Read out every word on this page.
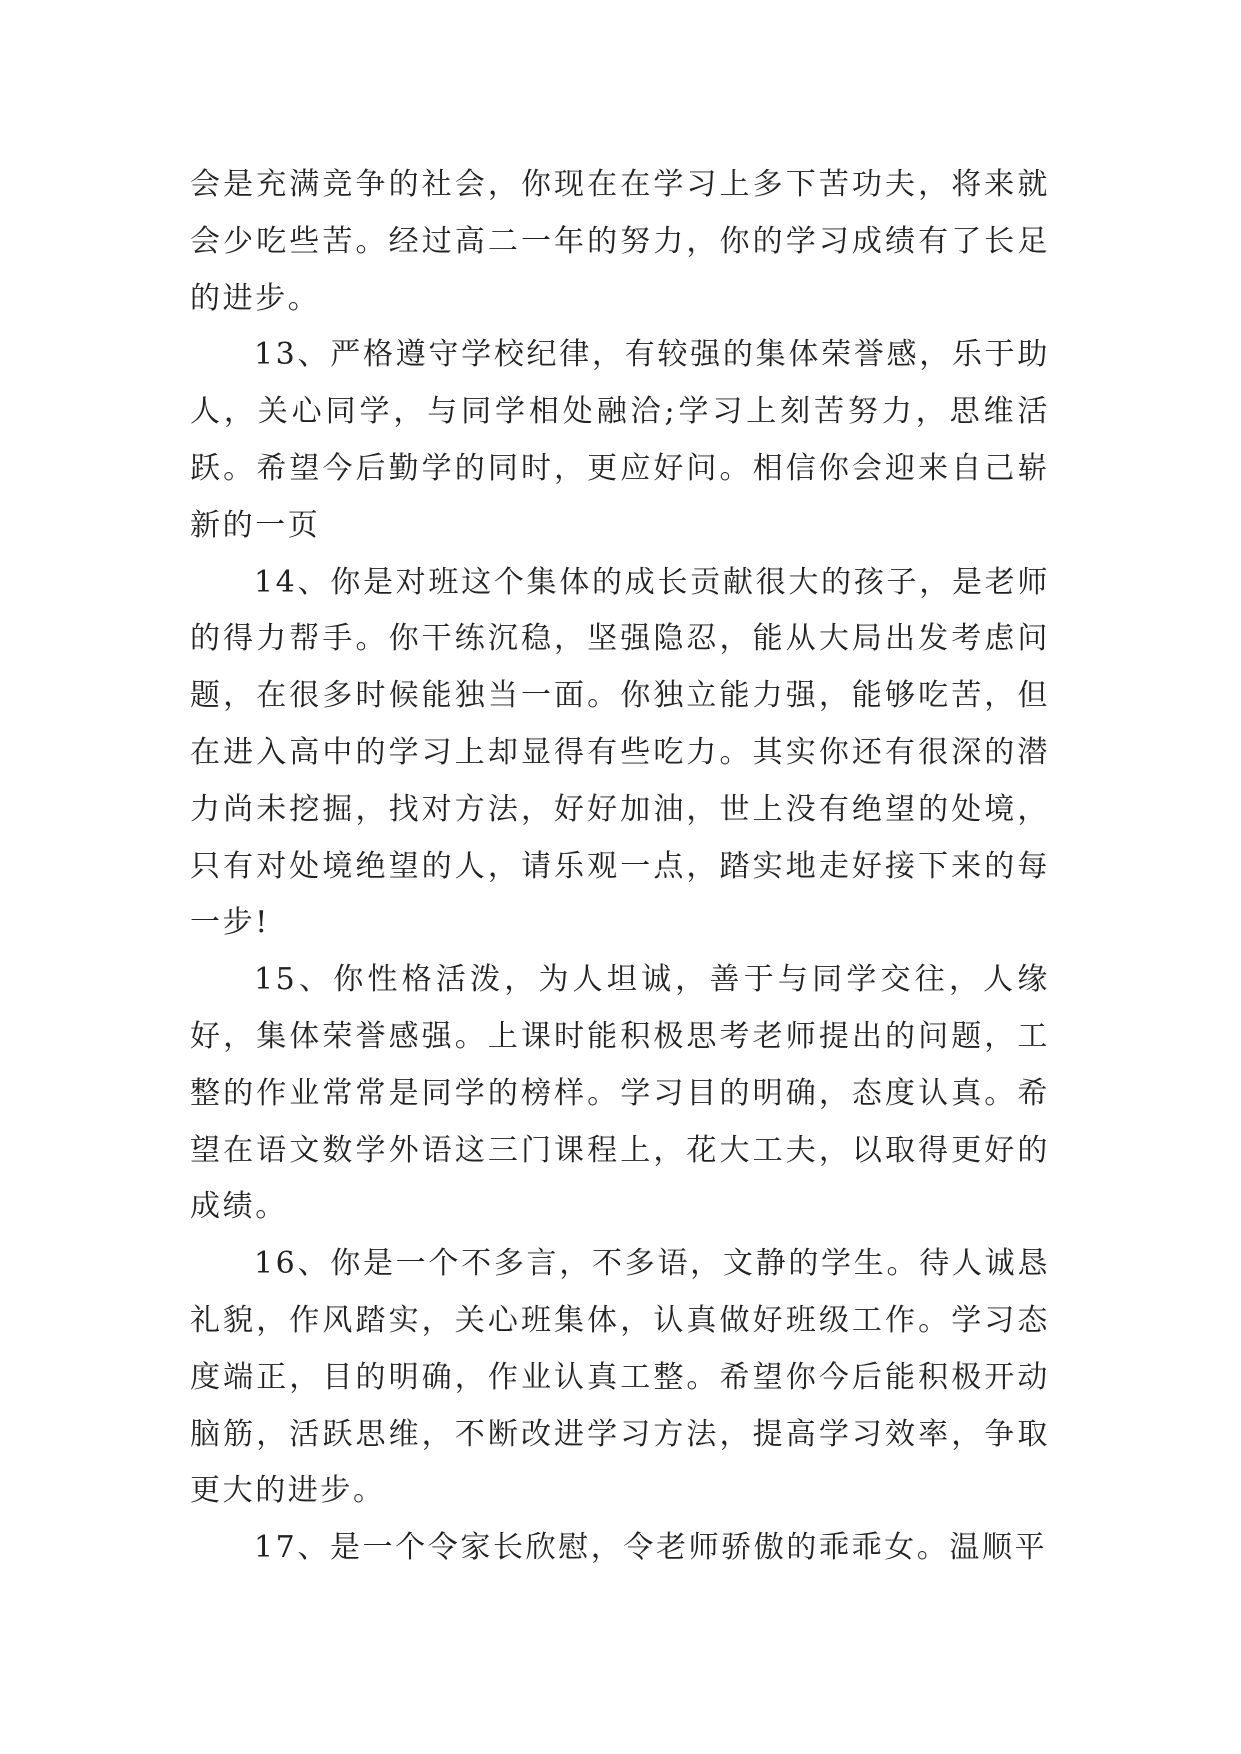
会是充满竞争的社会，你现在在学习上多下苦功夫，将来就会少吃些苦。经过高二一年的努力，你的学习成绩有了长足的进步。

13、严格遵守学校纪律，有较强的集体荣誉感，乐于助人，关心同学，与同学相处融洽;学习上刻苦努力，思维活跃。希望今后勤学的同时，更应好问。相信你会迎来自己崭新的一页

14、你是对班这个集体的成长贡献很大的孩子，是老师的得力帮手。你干练沉稳，坚强隐忍，能从大局出发考虑问题，在很多时候能独当一面。你独立能力强，能够吃苦，但在进入高中的学习上却显得有些吃力。其实你还有很深的潜力尚未挖掘，找对方法，好好加油，世上没有绝望的处境，只有对处境绝望的人，请乐观一点，踏实地走好接下来的每一步!

15、你性格活泼，为人坦诚，善于与同学交往，人缘好，集体荣誉感强。上课时能积极思考老师提出的问题，工整的作业常常是同学的榜样。学习目的明确，态度认真。希望在语文数学外语这三门课程上，花大工夫，以取得更好的成绩。

16、你是一个不多言，不多语，文静的学生。待人诚恳礼貌，作风踏实，关心班集体，认真做好班级工作。学习态度端正，目的明确，作业认真工整。希望你今后能积极开动脑筋，活跃思维，不断改进学习方法，提高学习效率，争取更大的进步。

17、是一个令家长欣慰，令老师骄傲的乖乖女。温顺平
